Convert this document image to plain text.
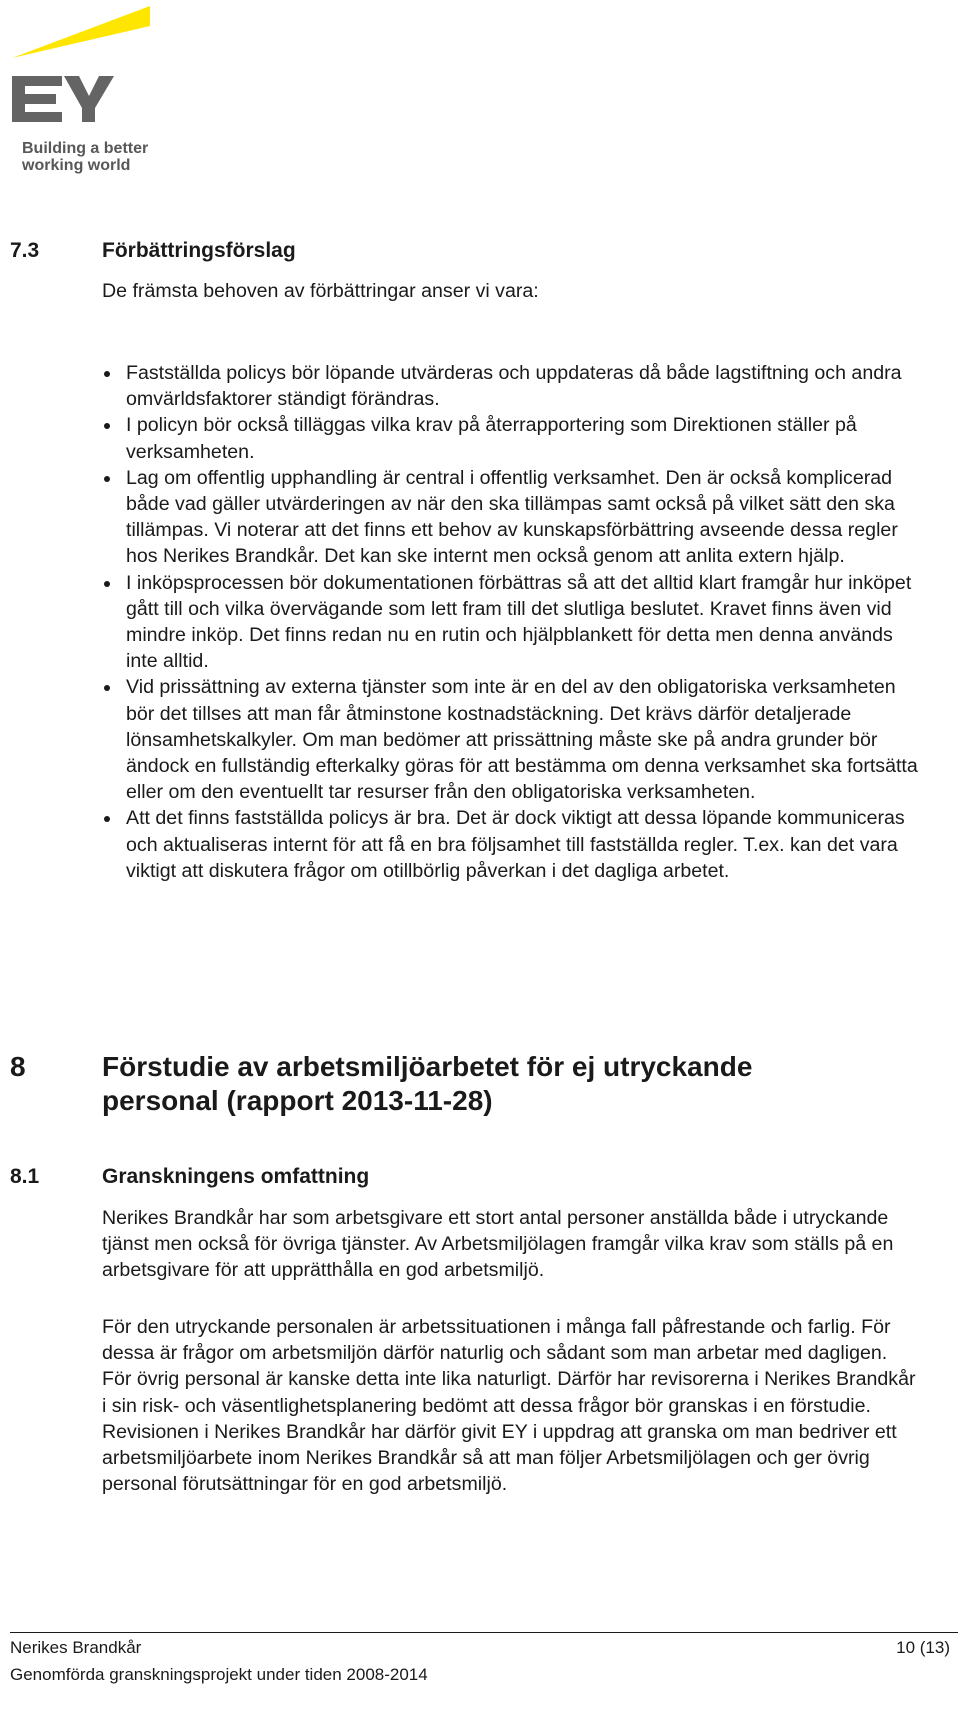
Building a better
working world
7.3	Förbättringsförslag
De främsta behoven av förbättringar anser vi vara:
Fastställda policys bör löpande utvärderas och uppdateras då både lagstiftning och andra omvärldsfaktorer ständigt förändras.
I policyn bör också tilläggas vilka krav på återrapportering som Direktionen ställer på verksamheten.
Lag om offentlig upphandling är central i offentlig verksamhet. Den är också komplicerad både vad gäller utvärderingen av när den ska tillämpas samt också på vilket sätt den ska tillämpas. Vi noterar att det finns ett behov av kunskapsförbättring avseende dessa regler hos Nerikes Brandkår. Det kan ske internt men också genom att anlita extern hjälp.
I inköpsprocessen bör dokumentationen förbättras så att det alltid klart framgår hur inköpet gått till och vilka övervägande som lett fram till det slutliga beslutet. Kravet finns även vid mindre inköp. Det finns redan nu en rutin och hjälpblankett för detta men denna används inte alltid.
Vid prissättning av externa tjänster som inte är en del av den obligatoriska verksamheten bör det tillses att man får åtminstone kostnadstäckning. Det krävs därför detaljerade lönsamhetskalkyler. Om man bedömer att prissättning måste ske på andra grunder bör ändock en fullständig efterkalky göras för att bestämma om denna verksamhet ska fortsätta eller om den eventuellt tar resurser från den obligatoriska verksamheten.
Att det finns fastställda policys är bra. Det är dock viktigt att dessa löpande kommuniceras och aktualiseras internt för att få en bra följsamhet till fastställda regler. T.ex. kan det vara viktigt att diskutera frågor om otillbörlig påverkan i det dagliga arbetet.
8	Förstudie av arbetsmiljöarbetet för ej utryckande personal (rapport 2013-11-28)
8.1	Granskningens omfattning
Nerikes Brandkår har som arbetsgivare ett stort antal personer anställda både i utryckande tjänst men också för övriga tjänster. Av Arbetsmiljölagen framgår vilka krav som ställs på en arbetsgivare för att upprätthålla en god arbetsmiljö.
För den utryckande personalen är arbetssituationen i många fall påfrestande och farlig. För dessa är frågor om arbetsmiljön därför naturlig och sådant som man arbetar med dagligen. För övrig personal är kanske detta inte lika naturligt. Därför har revisorerna i Nerikes Brandkår i sin risk- och väsentlighetsplanering bedömt att dessa frågor bör granskas i en förstudie. Revisionen i Nerikes Brandkår har därför givit EY i uppdrag att granska om man bedriver ett arbetsmiljöarbete inom Nerikes Brandkår så att man följer Arbetsmiljölagen och ger övrig personal förutsättningar för en god arbetsmiljö.
Nerikes Brandkår
Genomförda granskningsprojekt under tiden 2008-2014
10 (13)
